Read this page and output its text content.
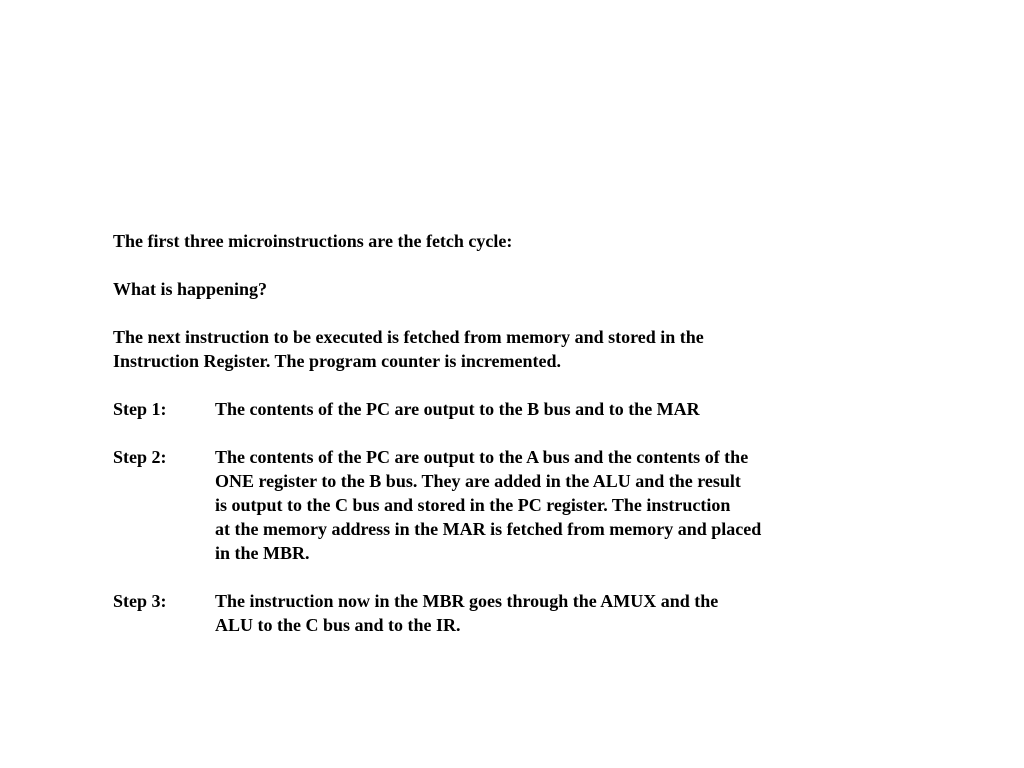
The first three microinstructions are the fetch cycle:
What is happening?
The next instruction to be executed is fetched from memory and stored in the
Instruction Register. The program counter is incremented.
Step 1:	The contents of the PC are output to the B bus and to the MAR
Step 2:	The contents of the PC are output to the A bus and the contents of the
ONE register to the B bus. They are added in the ALU and the result
is output to the C bus and stored in the PC register. The instruction
at the memory address in the MAR is fetched from memory and placed
in the MBR.
Step 3:	The instruction now in the MBR goes through the AMUX and the
ALU to the C bus and to the IR.
